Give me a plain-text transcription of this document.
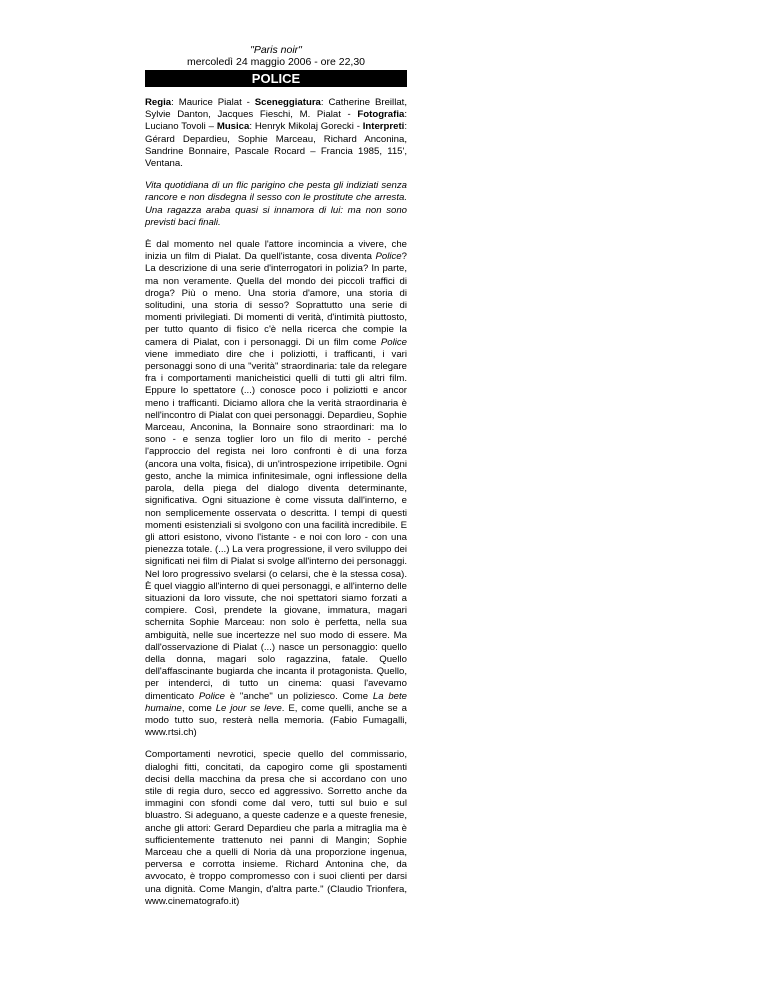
"Paris noir"

mercoledì 24 maggio 2006 - ore 22,30

POLICE

Regia: Maurice Pialat - Sceneggiatura: Catherine Breillat, Sylvie Danton, Jacques Fieschi, M. Pialat - Fotografia: Luciano Tovoli – Musica: Henryk Mikolaj Gorecki - Interpreti: Gérard Depardieu, Sophie Marceau, Richard Anconina, Sandrine Bonnaire, Pascale Rocard – Francia 1985, 115', Ventana.

Vita quotidiana di un flic parigino che pesta gli indiziati senza rancore e non disdegna il sesso con le prostitute che arresta. Una ragazza araba quasi si innamora di lui: ma non sono previsti baci finali.

È dal momento nel quale l'attore incomincia a vivere, che inizia un film di Pialat. Da quell'istante, cosa diventa Police? La descrizione di una serie d'interrogatori in polizia? In parte, ma non veramente. Quella del mondo dei piccoli traffici di droga? Più o meno. Una storia d'amore, una storia di solitudini, una storia di sesso? Soprattutto una serie di momenti privilegiati. Di momenti di verità, d'intimità piuttosto, per tutto quanto di fisico c'è nella ricerca che compie la camera di Pialat, con i personaggi. Di un film come Police viene immediato dire che i poliziotti, i trafficanti, i vari personaggi sono di una "verità" straordinaria: tale da relegare fra i comportamenti manicheistici quelli di tutti gli altri film. Eppure lo spettatore (...) conosce poco i poliziotti e ancor meno i trafficanti. Diciamo allora che la verità straordinaria è nell'incontro di Pialat con quei personaggi. Depardieu, Sophie Marceau, Anconina, la Bonnaire sono straordinari: ma lo sono - e senza toglier loro un filo di merito - perché l'approccio del regista nei loro confronti è di una forza (ancora una volta, fisica), di un'introspezione irripetibile. Ogni gesto, anche la mimica infinitesimale, ogni inflessione della parola, della piega del dialogo diventa determinante, significativa. Ogni situazione è come vissuta dall'interno, e non semplicemente osservata o descritta. I tempi di questi momenti esistenziali si svolgono con una facilità incredibile. E gli attori esistono, vivono l'istante - e noi con loro - con una pienezza totale. (...) La vera progressione, il vero sviluppo dei significati nei film di Pialat si svolge all'interno dei personaggi. Nel loro progressivo svelarsi (o celarsi, che è la stessa cosa). È quel viaggio all'interno di quei personaggi, e all'interno delle situazioni da loro vissute, che noi spettatori siamo forzati a compiere. Così, prendete la giovane, immatura, magari schernita Sophie Marceau: non solo è perfetta, nella sua ambiguità, nelle sue incertezze nel suo modo di essere. Ma dall'osservazione di Pialat (...) nasce un personaggio: quello della donna, magari solo ragazzina, fatale. Quello dell'affascinante bugiarda che incanta il protagonista. Quello, per intenderci, di tutto un cinema: quasi l'avevamo dimenticato Police è "anche" un poliziesco. Come La bete humaine, come Le jour se leve. E, come quelli, anche se a modo tutto suo, resterà nella memoria. (Fabio Fumagalli, www.rtsi.ch)

Comportamenti nevrotici, specie quello del commissario, dialoghi fitti, concitati, da capogiro come gli spostamenti decisi della macchina da presa che si accordano con uno stile di regia duro, secco ed aggressivo. Sorretto anche da immagini con sfondi come dal vero, tutti sul buio e sul bluastro. Si adeguano, a queste cadenze e a queste frenesie, anche gli attori: Gerard Depardieu che parla a mitraglia ma è sufficientemente trattenuto nei panni di Mangin; Sophie Marceau che a quelli di Noria dà una proporzione ingenua, perversa e corrotta insieme. Richard Antonina che, da avvocato, è troppo compromesso con i suoi clienti per darsi una dignità. Come Mangin, d'altra parte." (Claudio Trionfera, www.cinematografo.it)
